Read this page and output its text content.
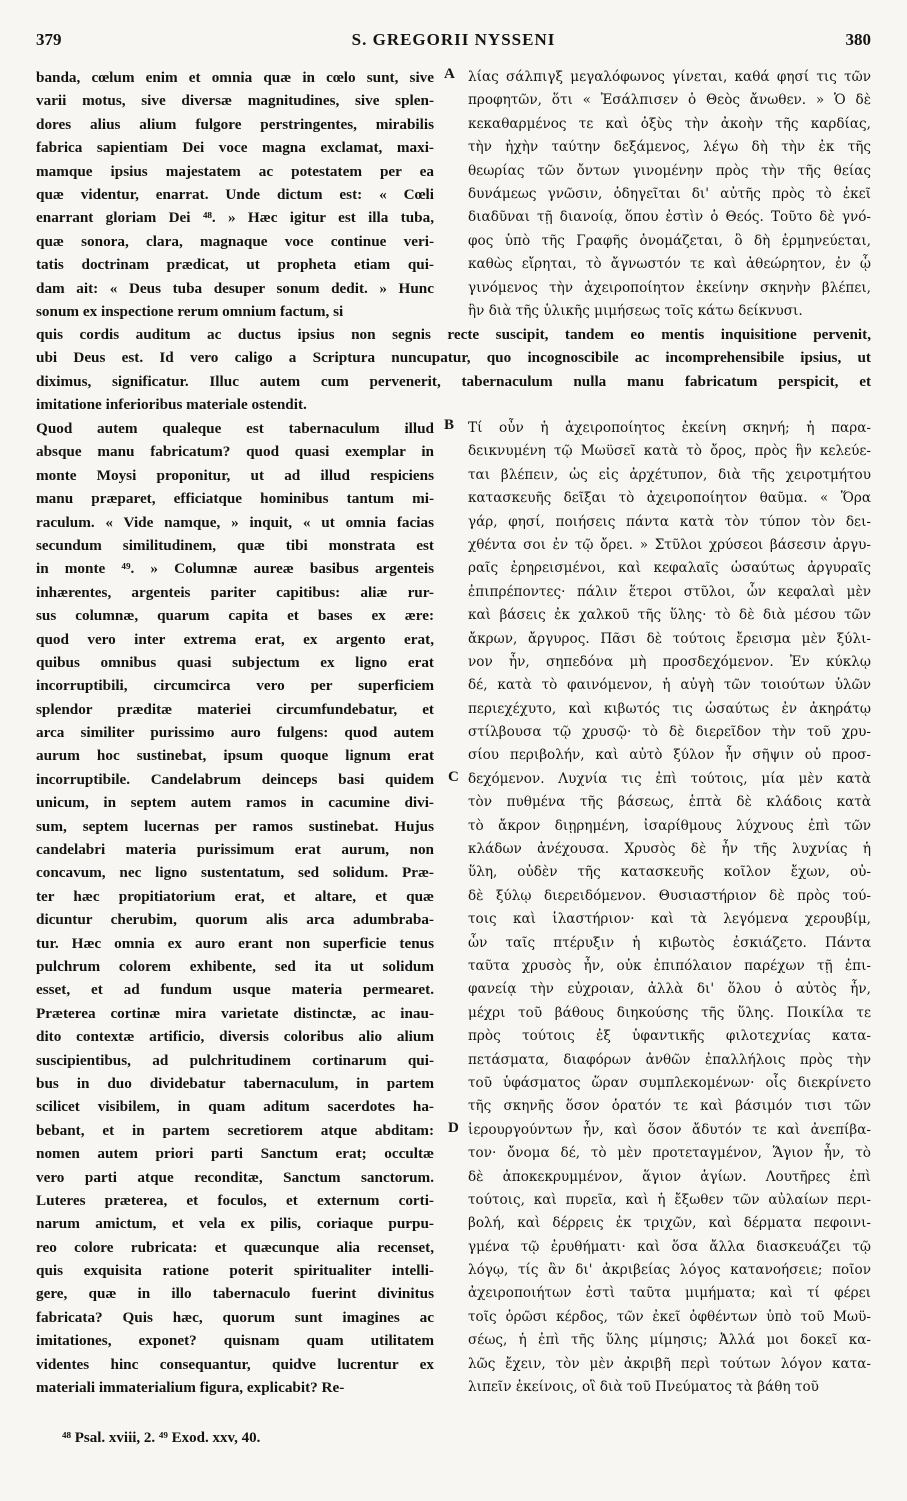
379	S. GREGORII NYSSENI	380
A
B
C
D
banda, cœlum enim et omnia quæ in cœlo sunt, sive
varii motus, sive diversæ magnitudines, sive splen-
dores alius alium fulgore perstringentes, mirabilis
fabrica sapientiam Dei voce magna exclamat, maxi-
mamque ipsius majestatem ac potestatem per ea
quæ videntur, enarrat. Unde dictum est: « Cœli
enarrant gloriam Dei ⁴⁸. » Hæc igitur est illa tuba,
quæ sonora, clara, magnaque voce continue veri-
tatis doctrinam prædicat, ut propheta etiam qui-
dam ait: « Deus tuba desuper sonum dedit. » Hunc
sonum ex inspectione rerum omnium factum, si
λίας σάλπιγξ μεγαλόφωνος γίνεται, καθά φησί τις τῶν
προφητῶν, ὅτι « Ἐσάλπισεν ὁ Θεὸς ἄνωθεν. » Ὁ δὲ
κεκαθαρμένος τε καὶ ὀξὺς τὴν ἀκοὴν τῆς καρδίας,
τὴν ἠχὴν ταύτην δεξάμενος, λέγω δὴ τὴν ἐκ τῆς
θεωρίας τῶν ὄντων γινομένην πρὸς τὴν τῆς θείας
δυνάμεως γνῶσιν, ὁδηγεῖται δι' αὐτῆς πρὸς τὸ ἐκεῖ
διαδῦναι τῇ διανοίᾳ, ὅπου ἐστὶν ὁ Θεός. Τοῦτο δὲ γνό-
φος ὑπὸ τῆς Γραφῆς ὀνομάζεται, ὃ δὴ ἑρμηνεύεται,
καθὼς εἴρηται, τὸ ἄγνωστόν τε καὶ ἀθεώρητον, ἐν ᾧ
γινόμενος τὴν ἀχειροποίητον ἐκείνην σκηνὴν βλέπει,
ἣν διὰ τῆς ὑλικῆς μιμήσεως τοῖς κάτω δείκνυσι.
quis cordis auditum ac ductus ipsius non segnis recte suscipit, tandem eo mentis inquisitione pervenit,
ubi Deus est. Id vero caligo a Scriptura nuncupatur, quo incognoscibile ac incomprehensibile ipsius, ut
diximus, significatur. Illuc autem cum pervenerit, tabernaculum nulla manu fabricatum perspicit, et
imitatione inferioribus materiale ostendit.
Quod autem qualeque est tabernaculum illud
absque manu fabricatum? quod quasi exemplar in
monte Moysi proponitur, ut ad illud respiciens
manu præparet, efficiatque hominibus tantum mi-
raculum. « Vide namque, » inquit, « ut omnia facias
secundum similitudinem, quæ tibi monstrata est
in monte ⁴⁹. » Columnæ aureæ basibus argenteis
inhærentes, argenteis pariter capitibus: aliæ rur-
sus columnæ, quarum capita et bases ex ære:
quod vero inter extrema erat, ex argento erat,
quibus omnibus quasi subjectum ex ligno erat
incorruptibili, circumcirca vero per superficiem
splendor præditæ materiei circumfundebatur, et
arca similiter purissimo auro fulgens: quod autem
aurum hoc sustinebat, ipsum quoque lignum erat
incorruptibile. Candelabrum deinceps basi quidem
unicum, in septem autem ramos in cacumine divi-
sum, septem lucernas per ramos sustinebat. Hujus
candelabri materia purissimum erat aurum, non
concavum, nec ligno sustentatum, sed solidum. Præ-
ter hæc propitiatorium erat, et altare, et quæ
dicuntur cherubim, quorum alis arca adumbraba-
tur. Hæc omnia ex auro erant non superficie tenus
pulchrum colorem exhibente, sed ita ut solidum
esset, et ad fundum usque materia permearet.
Præterea cortinæ mira varietate distinctæ, ac inau-
dito contextæ artificio, diversis coloribus alio alium
suscipientibus, ad pulchritudinem cortinarum qui-
bus in duo dividebatur tabernaculum, in partem
scilicet visibilem, in quam aditum sacerdotes ha-
bebant, et in partem secretiorem atque abditam:
nomen autem priori parti Sanctum erat; occultæ
vero parti atque reconditæ, Sanctum sanctorum.
Luteres præterea, et foculos, et externum corti-
narum amictum, et vela ex pilis, coriaque purpu-
reo colore rubricata: et quæcunque alia recenset,
quis exquisita ratione poterit spiritualiter intelli-
gere, quæ in illo tabernaculo fuerint divinitus
fabricata? Quis hæc, quorum sunt imagines ac
imitationes, exponet? quisnam quam utilitatem
videntes hinc consequantur, quidve lucrentur ex
materiali immaterialium figura, explicabit? Re-
Τί οὖν ἡ ἀχειροποίητος ἐκείνη σκηνή; ἡ παρα-
δεικνυμένη τῷ Μωϋσεῖ κατὰ τὸ ὄρος, πρὸς ἣν κελεύε-
ται βλέπειν, ὡς εἰς ἀρχέτυπον, διὰ τῆς χειροτμήτου
κατασκευῆς δεῖξαι τὸ ἀχειροποίητον θαῦμα. « Ὅρα
γάρ, φησί, ποιήσεις πάντα κατὰ τὸν τύπον τὸν δει-
χθέντα σοι ἐν τῷ ὄρει. » Στῦλοι χρύσεοι βάσεσιν ἀργυ-
ραῖς ἐρηρεισμένοι, καὶ κεφαλαῖς ὡσαύτως ἀργυραῖς
ἐπιπρέποντες· πάλιν ἕτεροι στῦλοι, ὧν κεφαλαὶ μὲν
καὶ βάσεις ἐκ χαλκοῦ τῆς ὕλης· τὸ δὲ διὰ μέσου τῶν
ἄκρων, ἄργυρος. Πᾶσι δὲ τούτοις ἔρεισμα μὲν ξύλι-
νον ἦν, σηπεδόνα μὴ προσδεχόμενον. Ἐν κύκλῳ
δέ, κατὰ τὸ φαινόμενον, ἡ αὐγὴ τῶν τοιούτων ὑλῶν
περιεχέχυτο, καὶ κιβωτός τις ὡσαύτως ἐν ἀκηράτῳ
στίλβουσα τῷ χρυσῷ· τὸ δὲ διερεῖδον τὴν τοῦ χρυ-
σίου περιβολήν, καὶ αὐτὸ ξύλον ἦν σῆψιν οὐ προσ-
δεχόμενον. Λυχνία τις ἐπὶ τούτοις, μία μὲν κατὰ
τὸν πυθμένα τῆς βάσεως, ἑπτὰ δὲ κλάδοις κατὰ
τὸ ἄκρον διῃρημένη, ἰσαρίθμους λύχνους ἐπὶ τῶν
κλάδων ἀνέχουσα. Χρυσὸς δὲ ἦν τῆς λυχνίας ἡ
ὕλη, οὐδὲν τῆς κατασκευῆς κοῖλον ἔχων, οὐ-
δὲ ξύλῳ διερειδόμενον. Θυσιαστήριον δὲ πρὸς τού-
τοις καὶ ἱλαστήριον· καὶ τὰ λεγόμενα χερουβίμ,
ὧν ταῖς πτέρυξιν ἡ κιβωτὸς ἐσκιάζετο. Πάντα
ταῦτα χρυσὸς ἦν, οὐκ ἐπιπόλαιον παρέχων τῇ ἐπι-
φανείᾳ τὴν εὐχροιαν, ἀλλὰ δι' ὅλου ὁ αὐτὸς ἦν,
μέχρι τοῦ βάθους διηκούσης τῆς ὕλης. Ποικίλα τε
πρὸς τούτοις ἐξ ὑφαντικῆς φιλοτεχνίας κατα-
πετάσματα, διαφόρων ἀνθῶν ἐπαλλήλοις πρὸς τὴν
τοῦ ὑφάσματος ὥραν συμπλεκομένων· οἷς διεκρίνετο
τῆς σκηνῆς ὅσον ὁρατόν τε καὶ βάσιμόν τισι τῶν
ἱερουργούντων ἦν, καὶ ὅσον ἄδυτόν τε καὶ ἀνεπίβα-
τον· ὄνομα δέ, τὸ μὲν προτεταγμένον, Ἅγιον ἦν, τὸ
δὲ ἀποκεκρυμμένον, ἅγιον ἁγίων. Λουτῆρες ἐπὶ
τούτοις, καὶ πυρεῖα, καὶ ἡ ἔξωθεν τῶν αὐλαίων περι-
βολή, καὶ δέρρεις ἐκ τριχῶν, καὶ δέρματα πεφοινι-
γμένα τῷ ἐρυθήματι· καὶ ὅσα ἄλλα διασκευάζει τῷ
λόγῳ, τίς ἂν δι' ἀκριβείας λόγος κατανοήσειε; ποῖον
ἀχειροποιήτων ἐστὶ ταῦτα μιμήματα; καὶ τί φέρει
τοῖς ὁρῶσι κέρδος, τῶν ἐκεῖ ὀφθέντων ὑπὸ τοῦ Μωϋ-
σέως, ἡ ἐπὶ τῆς ὕλης μίμησις; Ἀλλά μοι δοκεῖ κα-
λῶς ἔχειν, τὸν μὲν ἀκριβῆ περὶ τούτων λόγον κατα-
λιπεῖν ἐκείνοις, οἳ διὰ τοῦ Πνεύματος τὰ βάθη τοῦ
⁴⁸ Psal. xviii, 2. ⁴⁹ Exod. xxv, 40.
